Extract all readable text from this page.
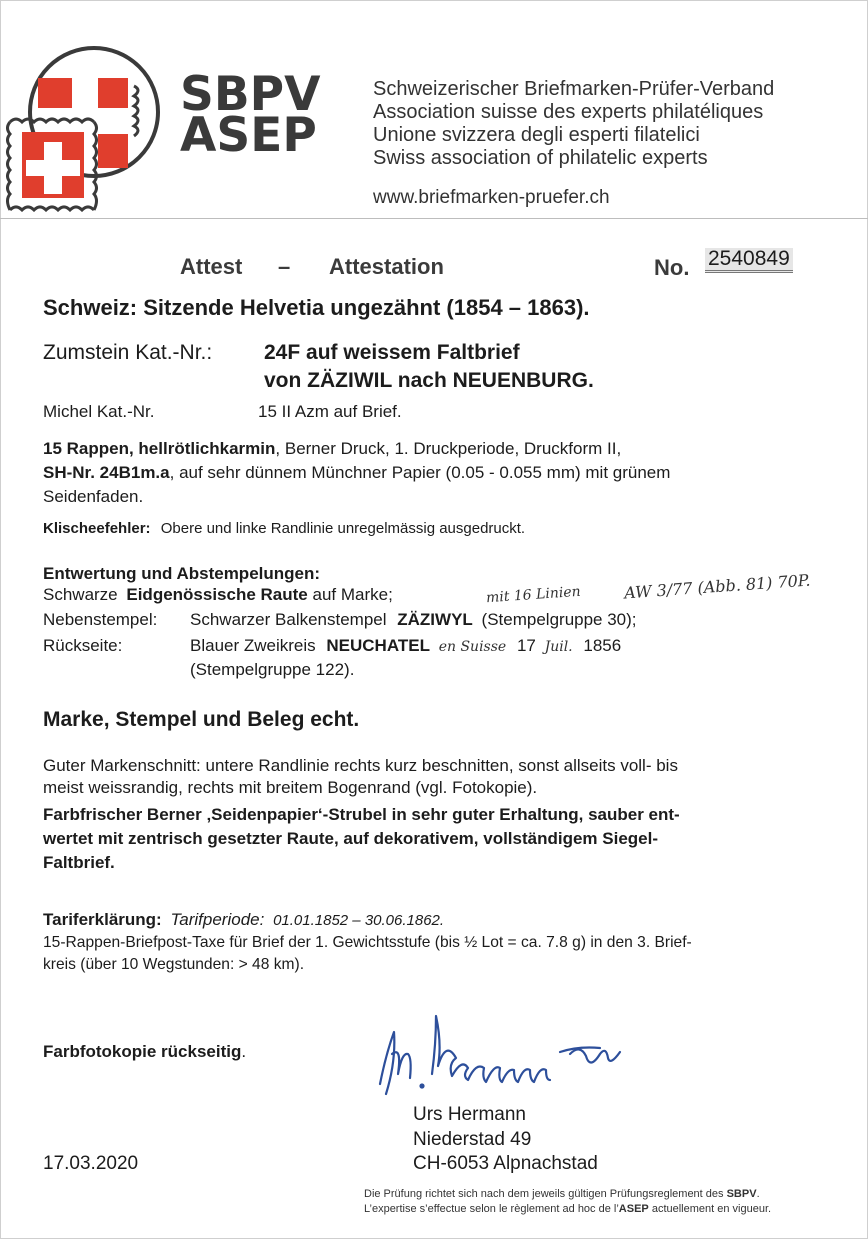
SBPV
ASEP
Schweizerischer Briefmarken-Prüfer-Verband
Association suisse des experts philatéliques
Unione svizzera degli esperti filatelici
Swiss association of philatelic experts
www.briefmarken-pruefer.ch
Attest – Attestation	No. 2540849
Schweiz: Sitzende Helvetia ungezähnt (1854 – 1863).
Zumstein Kat.-Nr.: 24F auf weissem Faltbrief
von ZÄZIWIL nach NEUENBURG.
Michel Kat.-Nr.	15 II Azm auf Brief.
15 Rappen, hellrötlichkarmin, Berner Druck, 1. Druckperiode, Druckform II,
SH-Nr. 24B1m.a, auf sehr dünnem Münchner Papier (0.05 - 0.055 mm) mit grünem
Seidenfaden.
Klischeefehler: Obere und linke Randlinie unregelmässig ausgedruckt.
Entwertung und Abstempelungen:
Schwarze Eidgenössische Raute auf Marke;	mit 16 Linien	AW 3/77 (Abb. 81) 70P.
Nebenstempel: Schwarzer Balkenstempel ZÄZIWYL (Stempelgruppe 30);
Rückseite:	Blauer Zweikreis NEUCHATEL en Suisse 17 Juil. 1856
(Stempelgruppe 122).
Marke, Stempel und Beleg echt.
Guter Markenschnitt: untere Randlinie rechts kurz beschnitten, sonst allseits voll- bis
meist weissrandig, rechts mit breitem Bogenrand (vgl. Fotokopie).
Farbfrischer Berner ‚Seidenpapier‘-Strubel in sehr guter Erhaltung, sauber ent-
wertet mit zentrisch gesetzter Raute, auf dekorativem, vollständigem Siegel-
Faltbrief.
Tariferklärung: Tarifperiode: 01.01.1852 – 30.06.1862.
15-Rappen-Briefpost-Taxe für Brief der 1. Gewichtsstufe (bis ½ Lot = ca. 7.8 g) in den 3. Brief-
kreis (über 10 Wegstunden: > 48 km).
Farbfotokopie rückseitig.
Urs Hermann
Niederstad 49
CH-6053 Alpnachstad
17.03.2020
Die Prüfung richtet sich nach dem jeweils gültigen Prüfungsreglement des SBPV.
L’expertise s’effectue selon le règlement ad hoc de l’ASEP actuellement en vigueur.
